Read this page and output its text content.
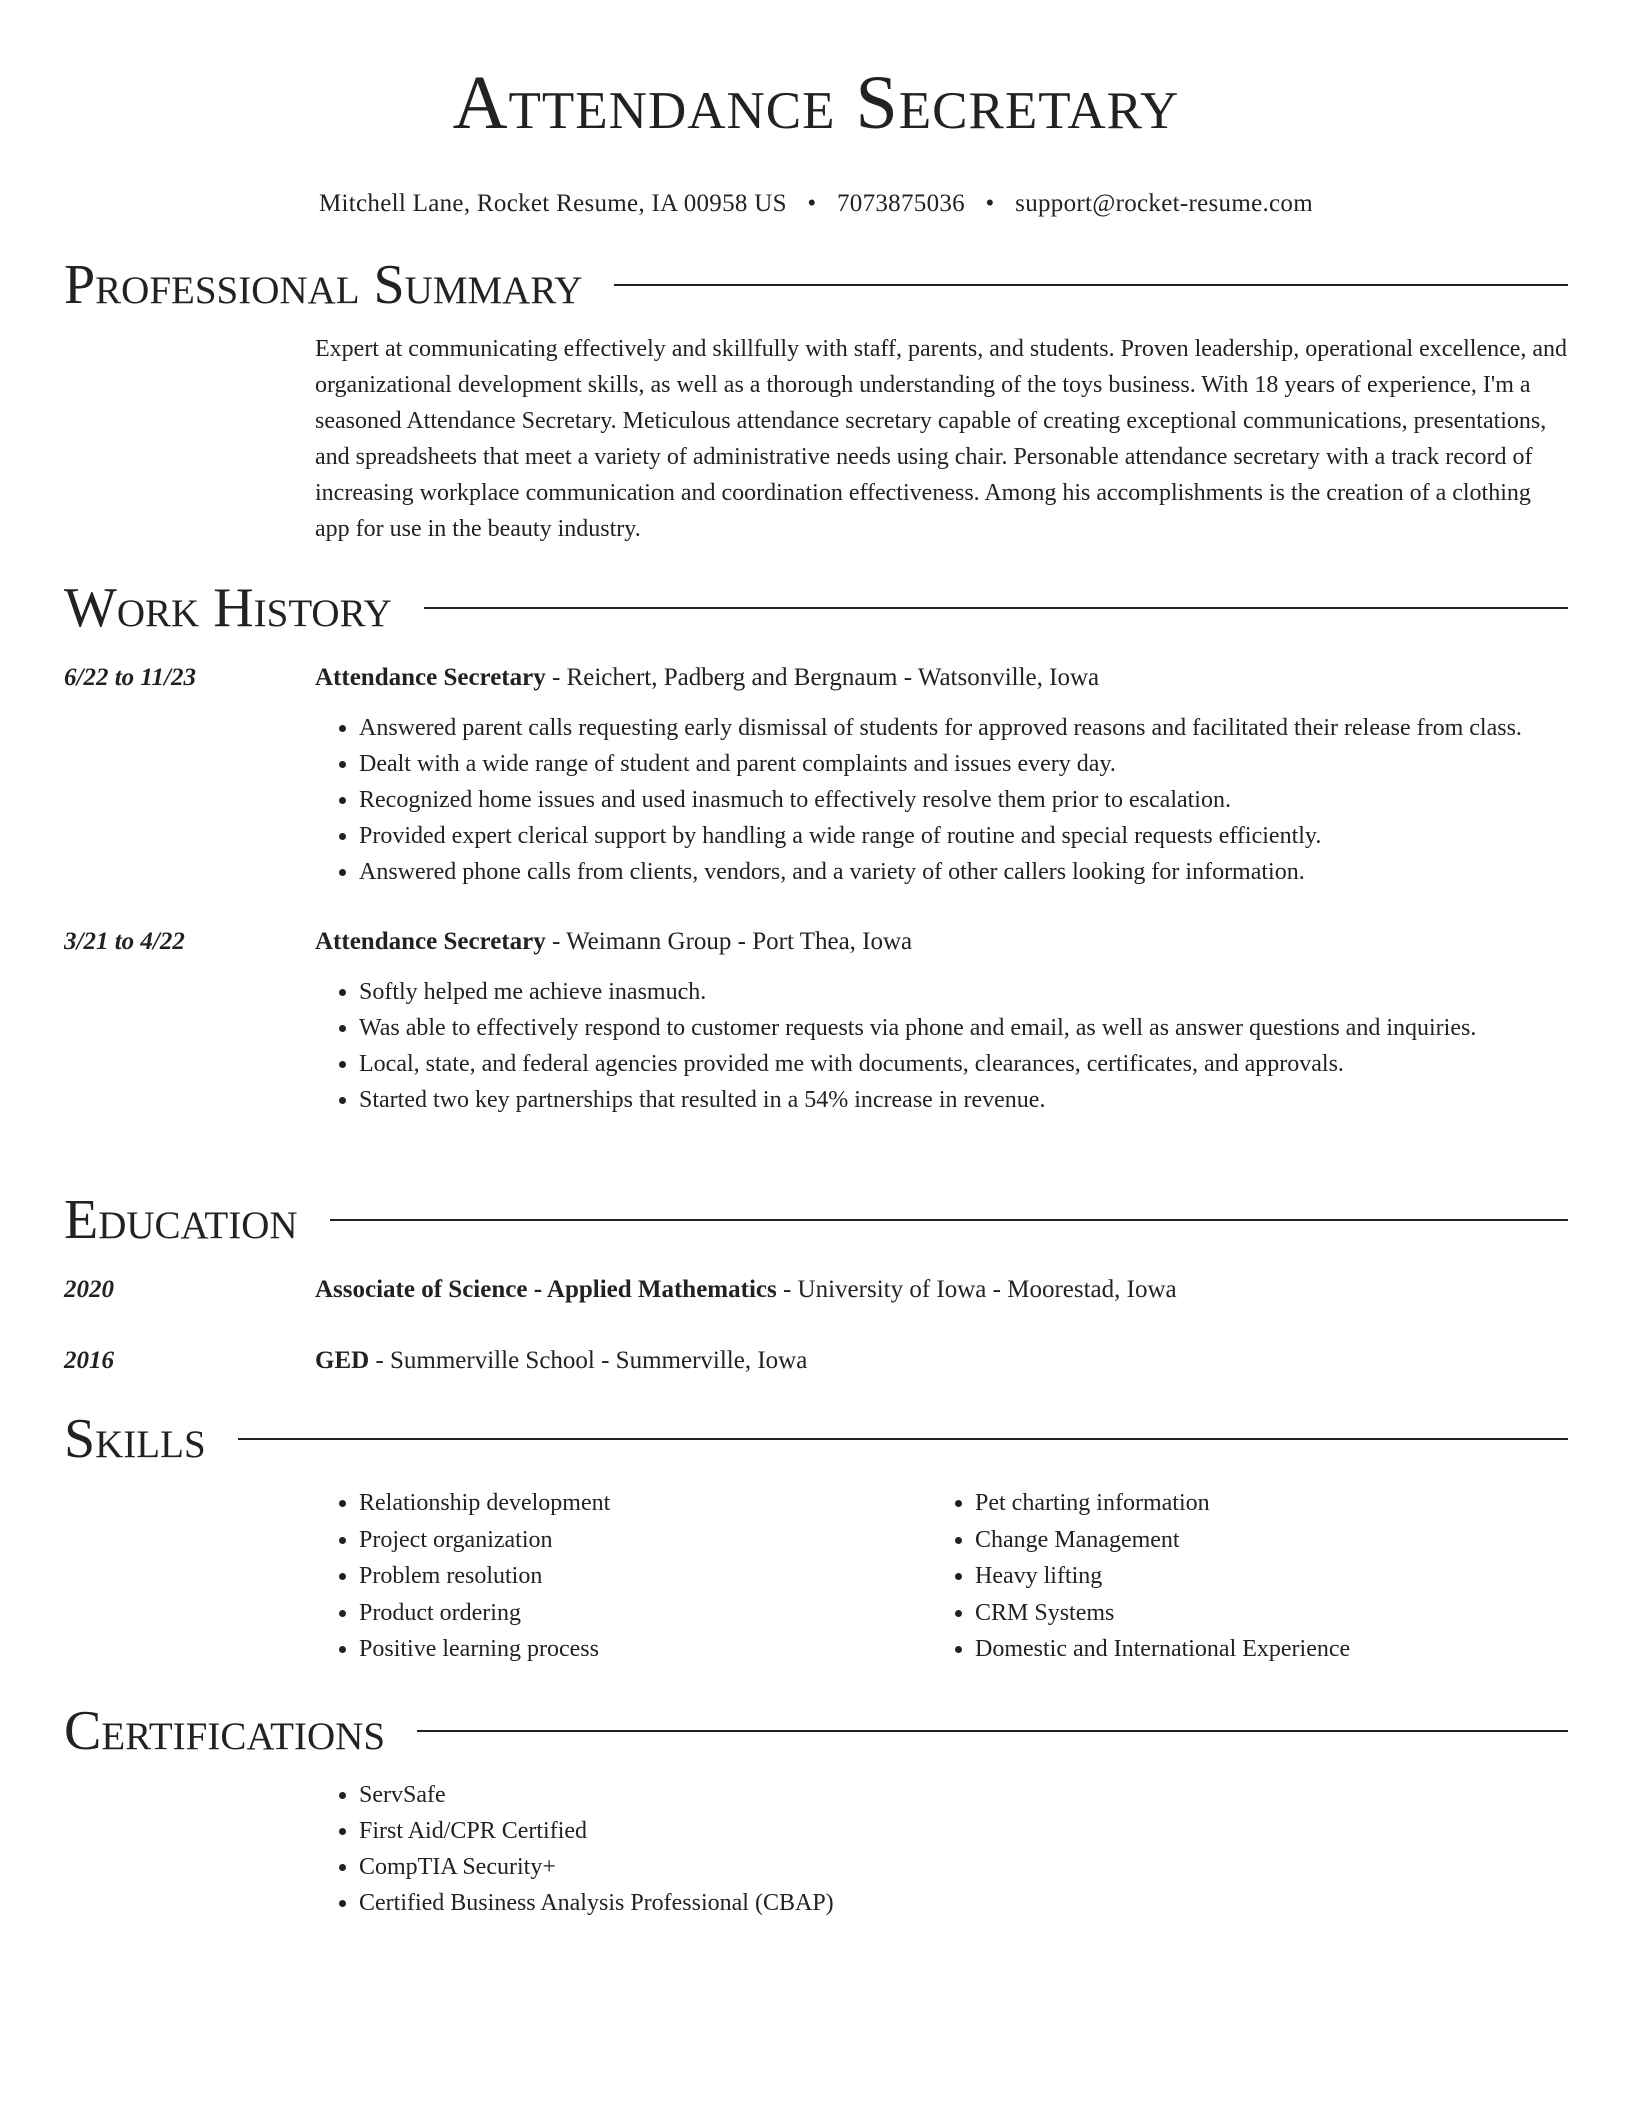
Attendance Secretary
Mitchell Lane, Rocket Resume, IA 00958 US • 7073875036 • support@rocket-resume.com
Professional Summary
Expert at communicating effectively and skillfully with staff, parents, and students. Proven leadership, operational excellence, and organizational development skills, as well as a thorough understanding of the toys business. With 18 years of experience, I'm a seasoned Attendance Secretary. Meticulous attendance secretary capable of creating exceptional communications, presentations, and spreadsheets that meet a variety of administrative needs using chair. Personable attendance secretary with a track record of increasing workplace communication and coordination effectiveness. Among his accomplishments is the creation of a clothing app for use in the beauty industry.
Work History
6/22 to 11/23	Attendance Secretary - Reichert, Padberg and Bergnaum - Watsonville, Iowa
• Answered parent calls requesting early dismissal of students for approved reasons and facilitated their release from class.
• Dealt with a wide range of student and parent complaints and issues every day.
• Recognized home issues and used inasmuch to effectively resolve them prior to escalation.
• Provided expert clerical support by handling a wide range of routine and special requests efficiently.
• Answered phone calls from clients, vendors, and a variety of other callers looking for information.
3/21 to 4/22	Attendance Secretary - Weimann Group - Port Thea, Iowa
• Softly helped me achieve inasmuch.
• Was able to effectively respond to customer requests via phone and email, as well as answer questions and inquiries.
• Local, state, and federal agencies provided me with documents, clearances, certificates, and approvals.
• Started two key partnerships that resulted in a 54% increase in revenue.
Education
2020	Associate of Science - Applied Mathematics - University of Iowa - Moorestad, Iowa
2016	GED - Summerville School - Summerville, Iowa
Skills
• Relationship development
• Project organization
• Problem resolution
• Product ordering
• Positive learning process
• Pet charting information
• Change Management
• Heavy lifting
• CRM Systems
• Domestic and International Experience
Certifications
• ServSafe
• First Aid/CPR Certified
• CompTIA Security+
• Certified Business Analysis Professional (CBAP)
